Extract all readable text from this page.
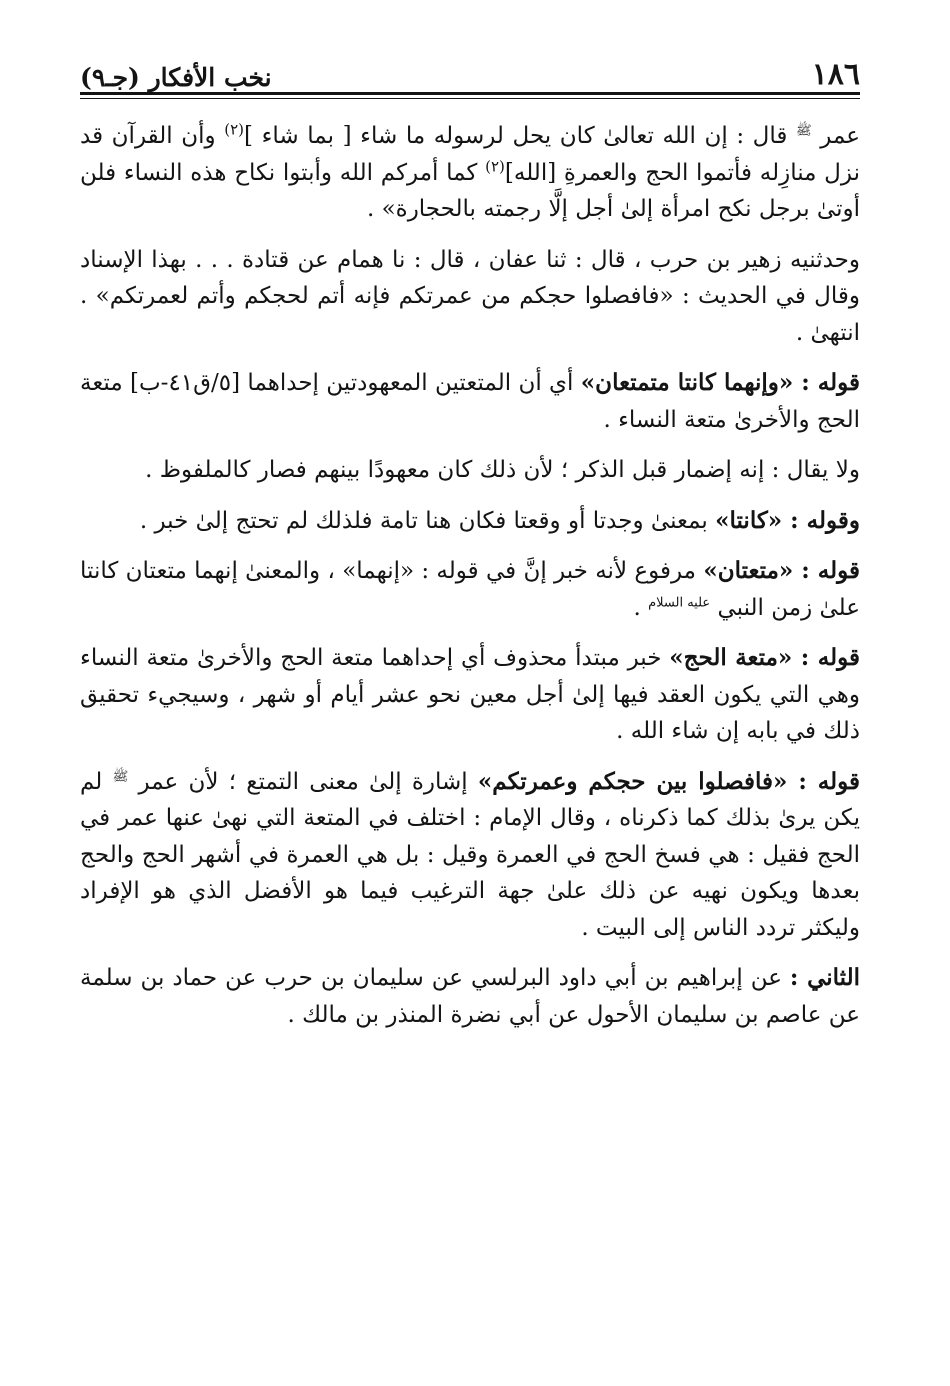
١٨٦
نخب الأفكار (جـ٩)

عمر $^ﷺ$ قال : إن الله تعالىٰ كان يحل لرسوله ما شاء [ بما شاء ]$^{(٢)}$ وأن القرآن قد نزل منازِله فأتموا الحج والعمرةِ [الله]$^{(٢)}$ كما أمركم الله وأبتوا نكاح هذه النساء فلن أوتىٰ برجل نكح امرأة إلىٰ أجل إلَّا رجمته بالحجارة» .

وحدثنيه زهير بن حرب ، قال : ثنا عفان ، قال : نا همام عن قتادة . . . بهذا الإسناد وقال في الحديث : «فافصلوا حجكم من عمرتكم فإنه أتم لحجكم وأتم لعمرتكم» . انتهىٰ .

قوله : «وإنهما كانتا متمتعان» أي أن المتعتين المعهودتين إحداهما [٥/ق٤١-ب] متعة الحج والأخرىٰ متعة النساء .

ولا يقال : إنه إضمار قبل الذكر ؛ لأن ذلك كان معهودًا بينهم فصار كالملفوظ .

وقوله : «كانتا» بمعنىٰ وجدتا أو وقعتا فكان هنا تامة فلذلك لم تحتج إلىٰ خبر .

قوله : «متعتان» مرفوع لأنه خبر إنَّ في قوله : «إنهما» ، والمعنىٰ إنهما متعتان كانتا علىٰ زمن النبي $^{عليه السلام}$ .

قوله : «متعة الحج» خبر مبتدأ محذوف أي إحداهما متعة الحج والأخرىٰ متعة النساء وهي التي يكون العقد فيها إلىٰ أجل معين نحو عشر أيام أو شهر ، وسيجيء تحقيق ذلك في بابه إن شاء الله .

قوله : «فافصلوا بين حجكم وعمرتكم» إشارة إلىٰ معنى التمتع ؛ لأن عمر $^ﷺ$ لم يكن يرىٰ بذلك كما ذكرناه ، وقال الإمام : اختلف في المتعة التي نهىٰ عنها عمر في الحج فقيل : هي فسخ الحج في العمرة وقيل : بل هي العمرة في أشهر الحج والحج بعدها ويكون نهيه عن ذلك علىٰ جهة الترغيب فيما هو الأفضل الذي هو الإفراد وليكثر تردد الناس إلى البيت .

الثاني : عن إبراهيم بن أبي داود البرلسي عن سليمان بن حرب عن حماد بن سلمة عن عاصم بن سليمان الأحول عن أبي نضرة المنذر بن مالك .
